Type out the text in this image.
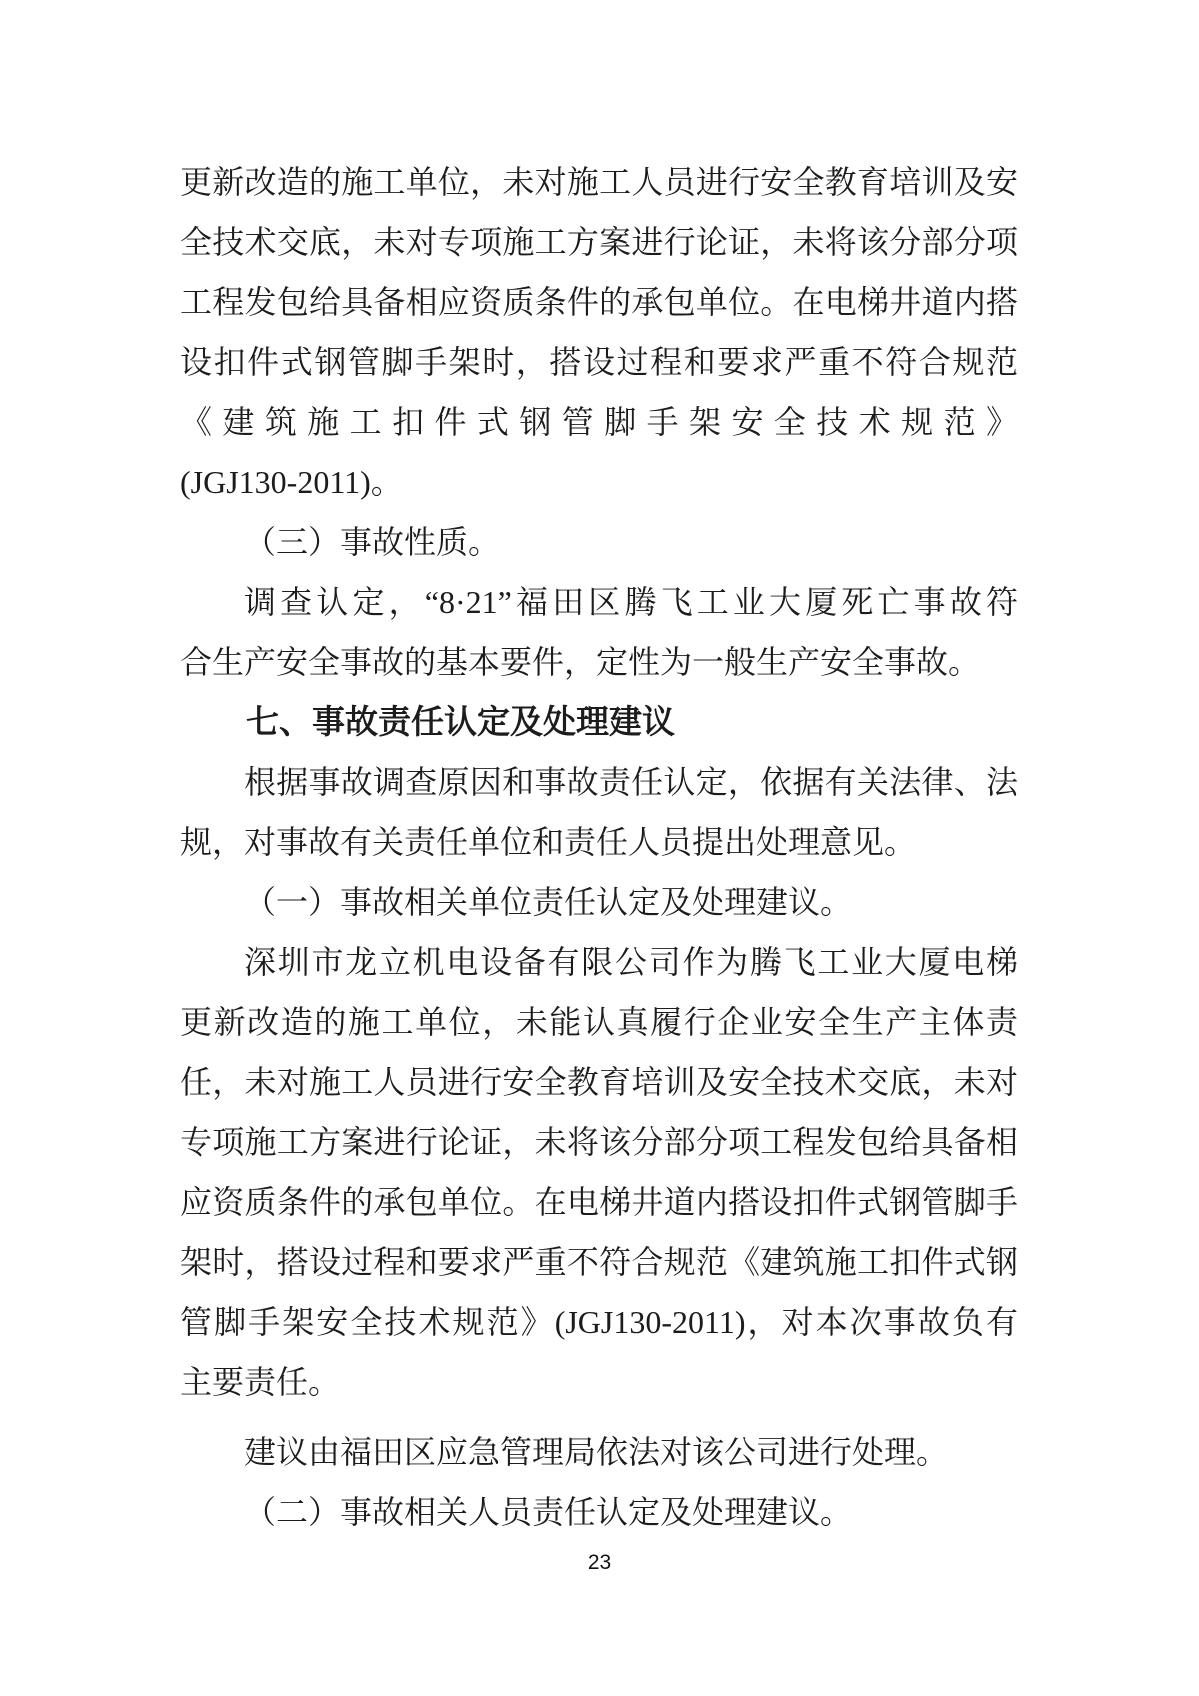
更新改造的施工单位，未对施工人员进行安全教育培训及安
全技术交底，未对专项施工方案进行论证，未将该分部分项
工程发包给具备相应资质条件的承包单位。在电梯井道内搭
设扣件式钢管脚手架时，搭设过程和要求严重不符合规范
《建筑施工扣件式钢管脚手架安全技术规范》
(JGJ130-2011)。
（三）事故性质。
调查认定，“8·21”福田区腾飞工业大厦死亡事故符
合生产安全事故的基本要件，定性为一般生产安全事故。
七、事故责任认定及处理建议
根据事故调查原因和事故责任认定，依据有关法律、法
规，对事故有关责任单位和责任人员提出处理意见。
（一）事故相关单位责任认定及处理建议。
深圳市龙立机电设备有限公司作为腾飞工业大厦电梯
更新改造的施工单位，未能认真履行企业安全生产主体责
任，未对施工人员进行安全教育培训及安全技术交底，未对
专项施工方案进行论证，未将该分部分项工程发包给具备相
应资质条件的承包单位。在电梯井道内搭设扣件式钢管脚手
架时，搭设过程和要求严重不符合规范《建筑施工扣件式钢
管脚手架安全技术规范》(JGJ130-2011)，对本次事故负有
主要责任。
建议由福田区应急管理局依法对该公司进行处理。
（二）事故相关人员责任认定及处理建议。
23
